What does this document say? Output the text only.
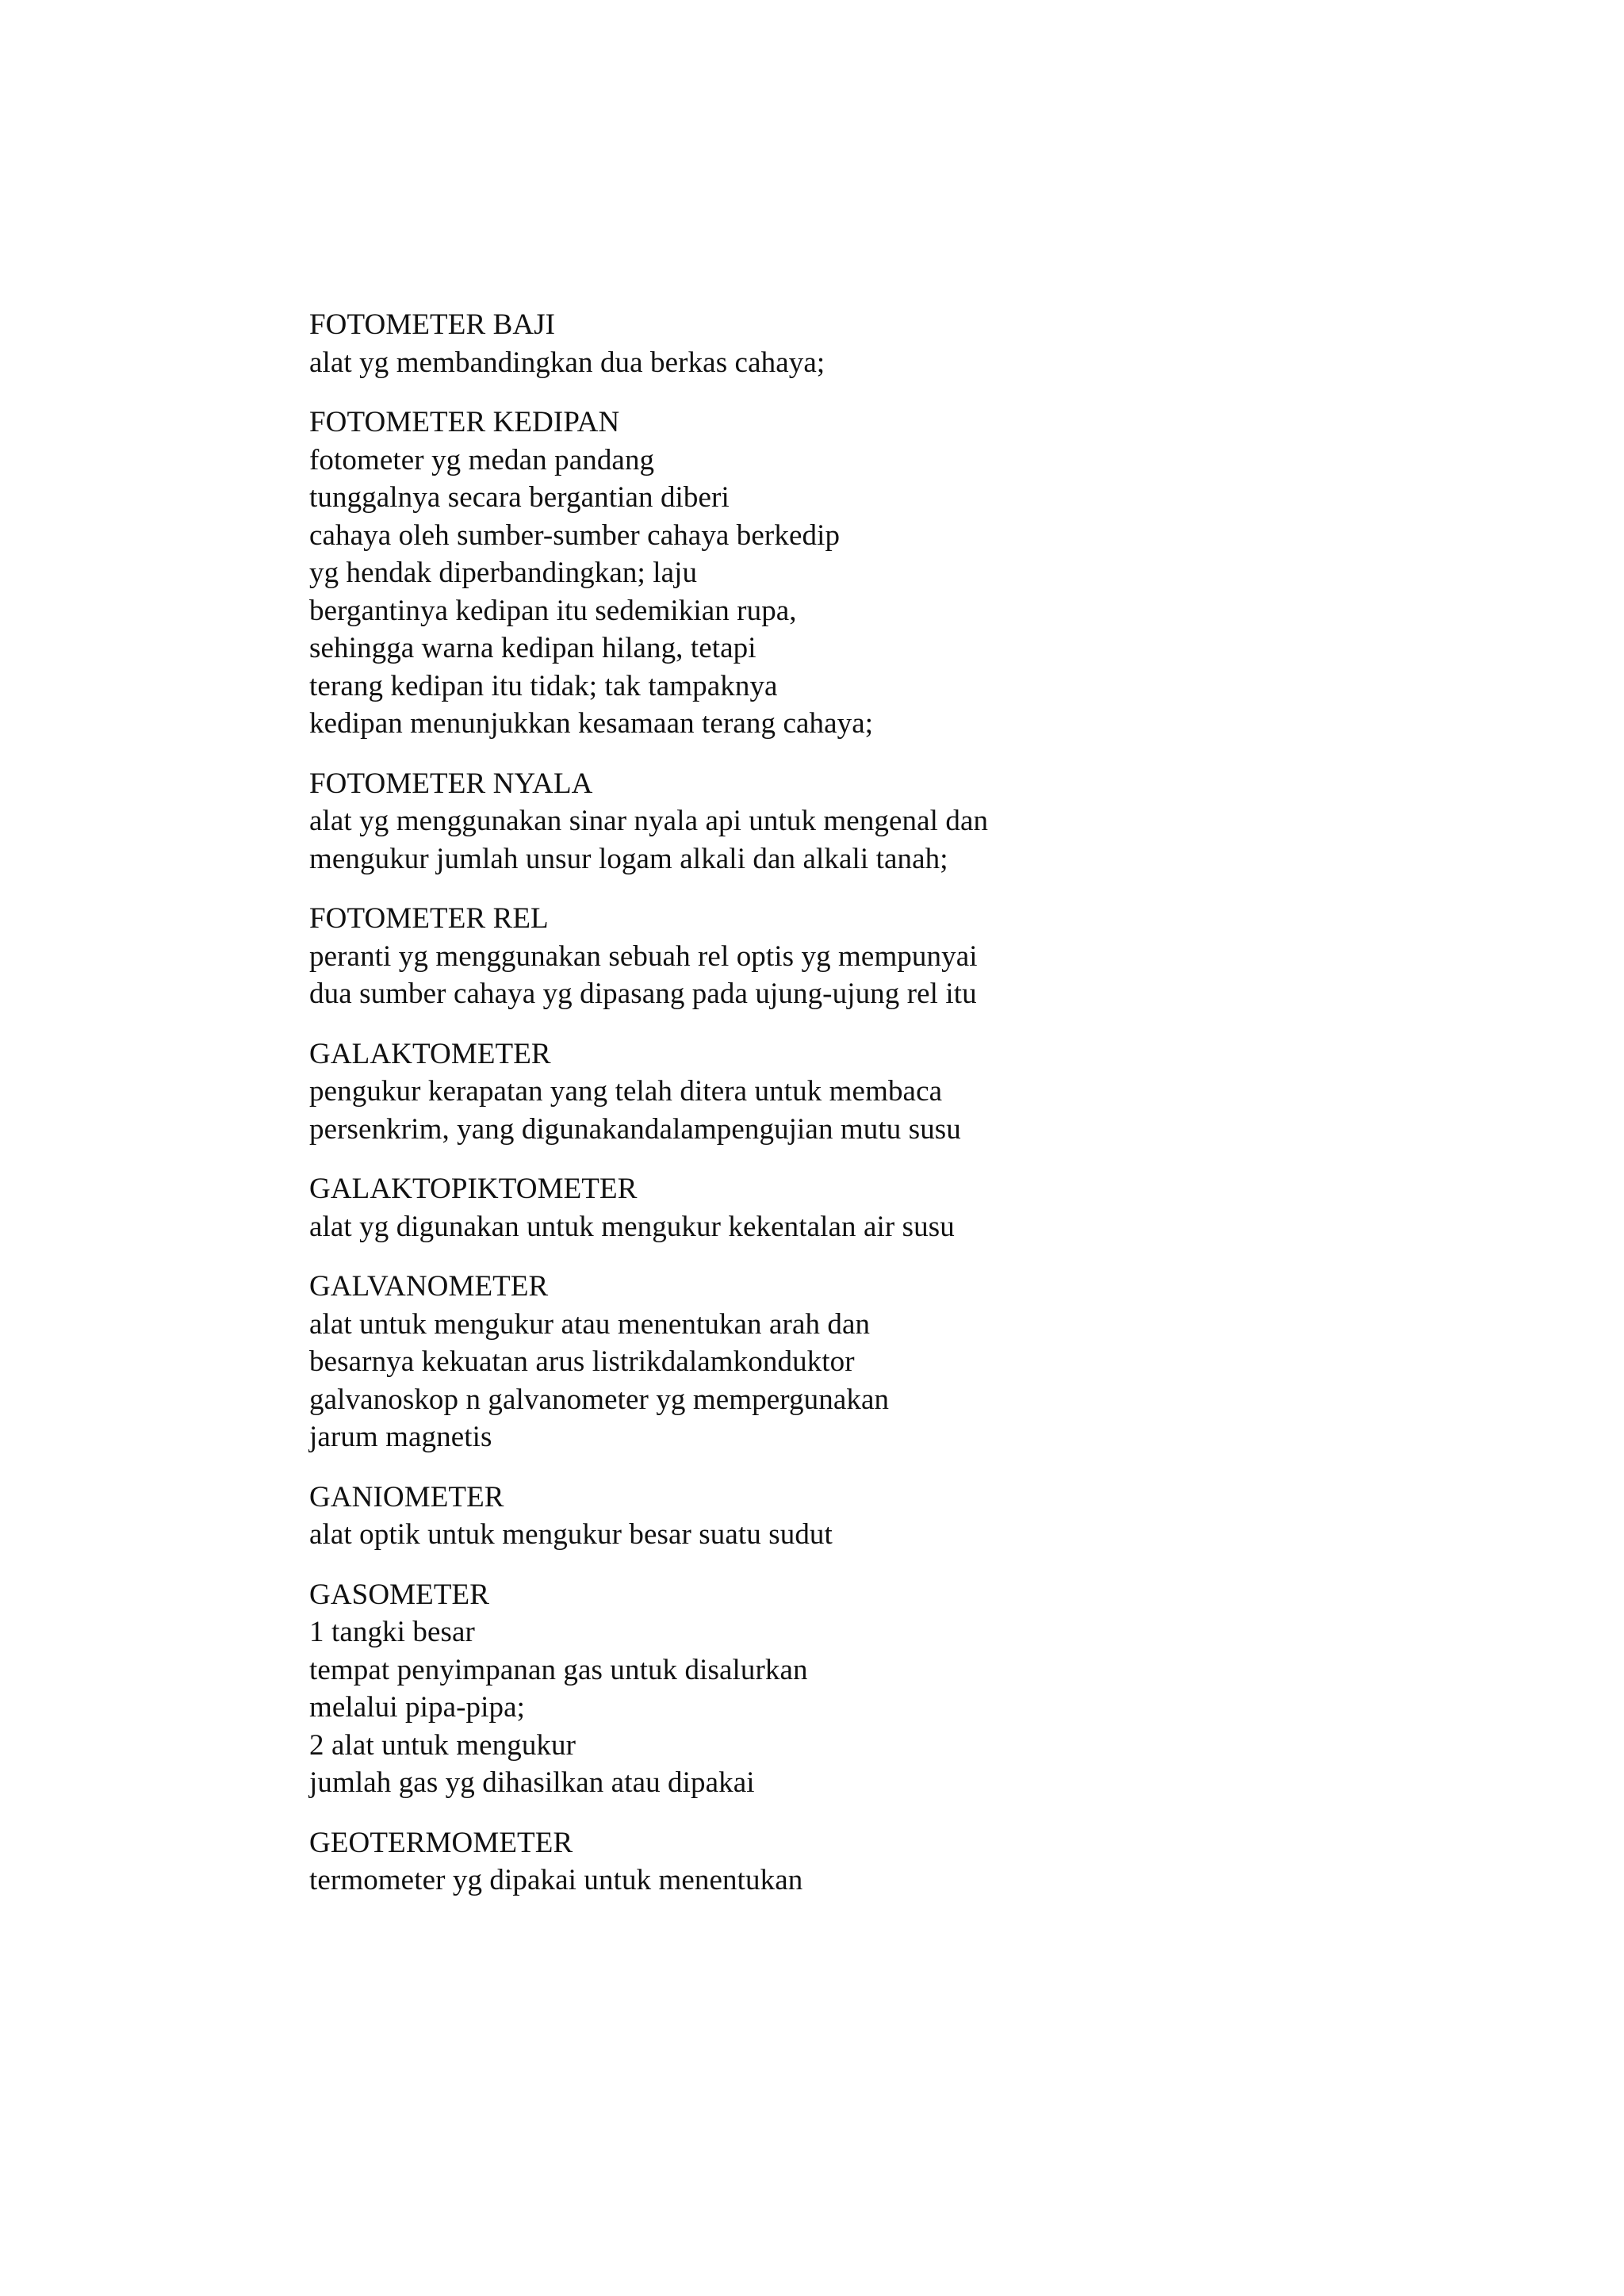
FOTOMETER BAJI
alat yg membandingkan dua berkas cahaya;
FOTOMETER KEDIPAN
fotometer yg medan pandang
tunggalnya secara bergantian diberi
cahaya oleh sumber-sumber cahaya berkedip
yg hendak diperbandingkan; laju
bergantinya kedipan itu sedemikian rupa,
sehingga warna kedipan hilang, tetapi
terang kedipan itu tidak; tak tampaknya
kedipan menunjukkan kesamaan terang cahaya;
FOTOMETER NYALA
alat yg menggunakan sinar nyala api untuk mengenal dan
mengukur jumlah unsur logam alkali dan alkali tanah;
FOTOMETER REL
peranti yg menggunakan sebuah rel optis yg mempunyai
dua sumber cahaya yg dipasang pada ujung-ujung rel itu
GALAKTOMETER
pengukur kerapatan yang telah ditera untuk membaca
persenkrim, yang digunakandalampengujian mutu susu
GALAKTOPIKTOMETER
alat yg digunakan untuk mengukur kekentalan air susu
GALVANOMETER
alat untuk mengukur atau menentukan arah dan
besarnya kekuatan arus listrikdalamkonduktor
galvanoskop n galvanometer yg mempergunakan
jarum magnetis
GANIOMETER
alat optik untuk mengukur besar suatu sudut
GASOMETER
1 tangki besar
tempat penyimpanan gas untuk disalurkan
melalui pipa-pipa;
2 alat untuk mengukur
jumlah gas yg dihasilkan atau dipakai
GEOTERMOMETER
termometer yg dipakai untuk menentukan
